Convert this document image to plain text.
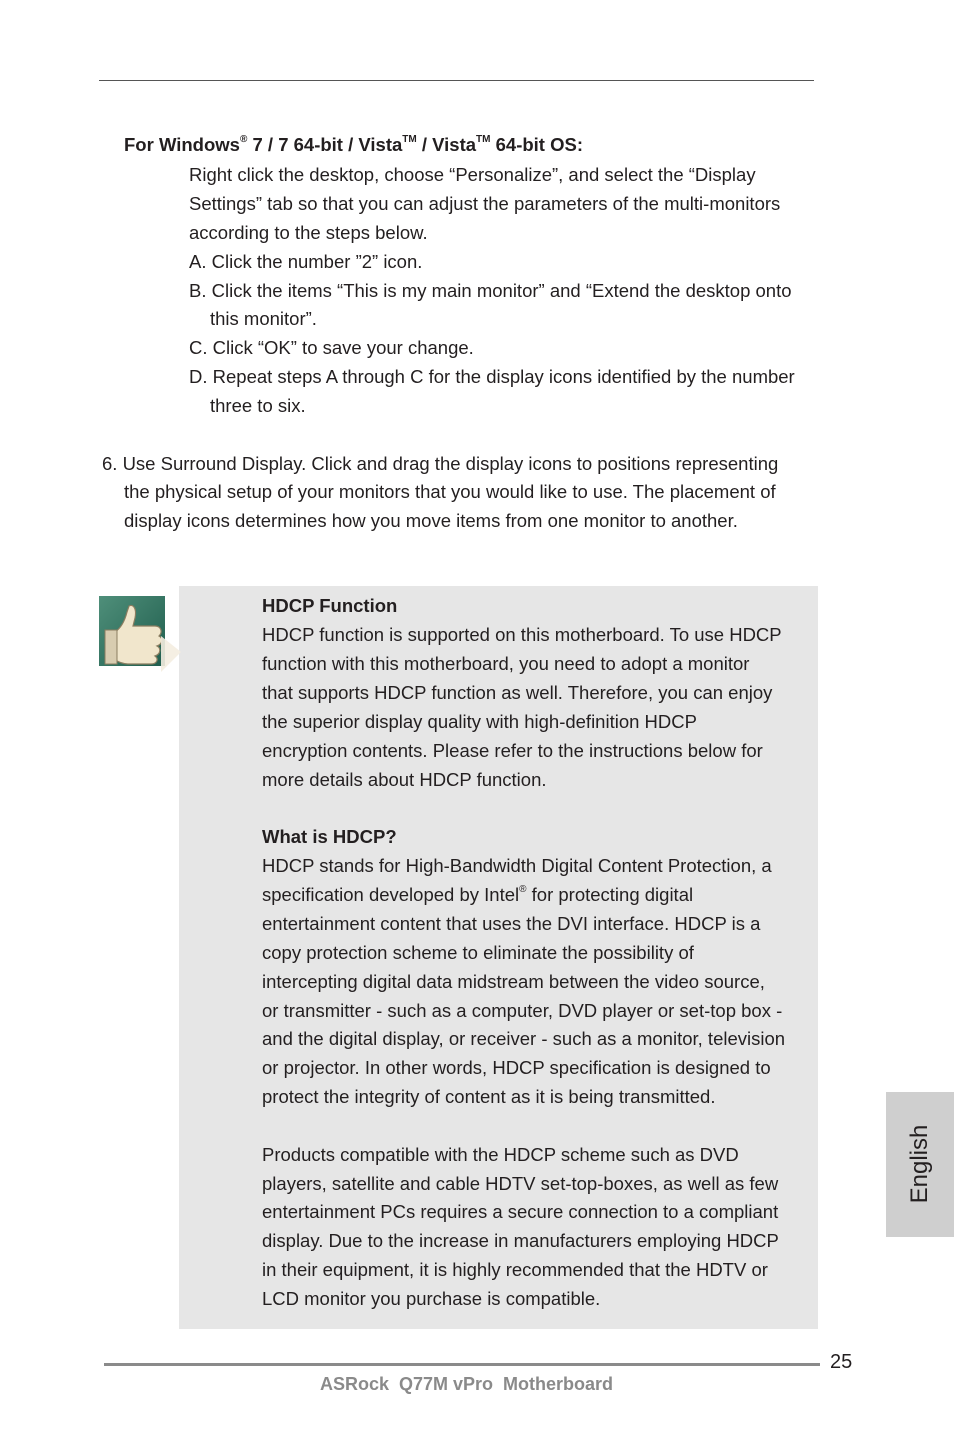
For Windows® 7 / 7 64-bit / Vista™ / Vista™ 64-bit OS:
Right click the desktop, choose “Personalize”, and select the “Display
Settings” tab so that you can adjust the parameters of the multi-monitors
according to the steps below.
A. Click the number ”2” icon.
B. Click the items “This is my main monitor” and “Extend the desktop onto
this monitor”.
C. Click “OK” to save your change.
D. Repeat steps A through C for the display icons identified by the number
three to six.
6. Use Surround Display. Click and drag the display icons to positions representing
the physical setup of your monitors that you would like to use. The placement of
display icons determines how you move items from one monitor to another.
HDCP Function
HDCP function is supported on this motherboard. To use HDCP
function with this motherboard, you need to adopt a monitor
that supports HDCP function as well. Therefore, you can enjoy
the superior display quality with high-definition HDCP
encryption contents. Please refer to the instructions below for
more details about HDCP function.
What is HDCP?
HDCP stands for High-Bandwidth Digital Content Protection, a
specification developed by Intel® for protecting digital
entertainment content that uses the DVI interface. HDCP is a
copy protection scheme to eliminate the possibility of
intercepting digital data midstream between the video source,
or transmitter - such as a computer, DVD player or set-top box -
and the digital display, or receiver - such as a monitor, television
or projector. In other words, HDCP specification is designed to
protect the integrity of content as it is being transmitted.
Products compatible with the HDCP scheme such as DVD
players, satellite and cable HDTV set-top-boxes, as well as few
entertainment PCs requires a secure connection to a compliant
display. Due to the increase in manufacturers employing HDCP
in their equipment, it is highly recommended that the HDTV or
LCD monitor you purchase is compatible.
English
25
ASRock  Q77M vPro  Motherboard
